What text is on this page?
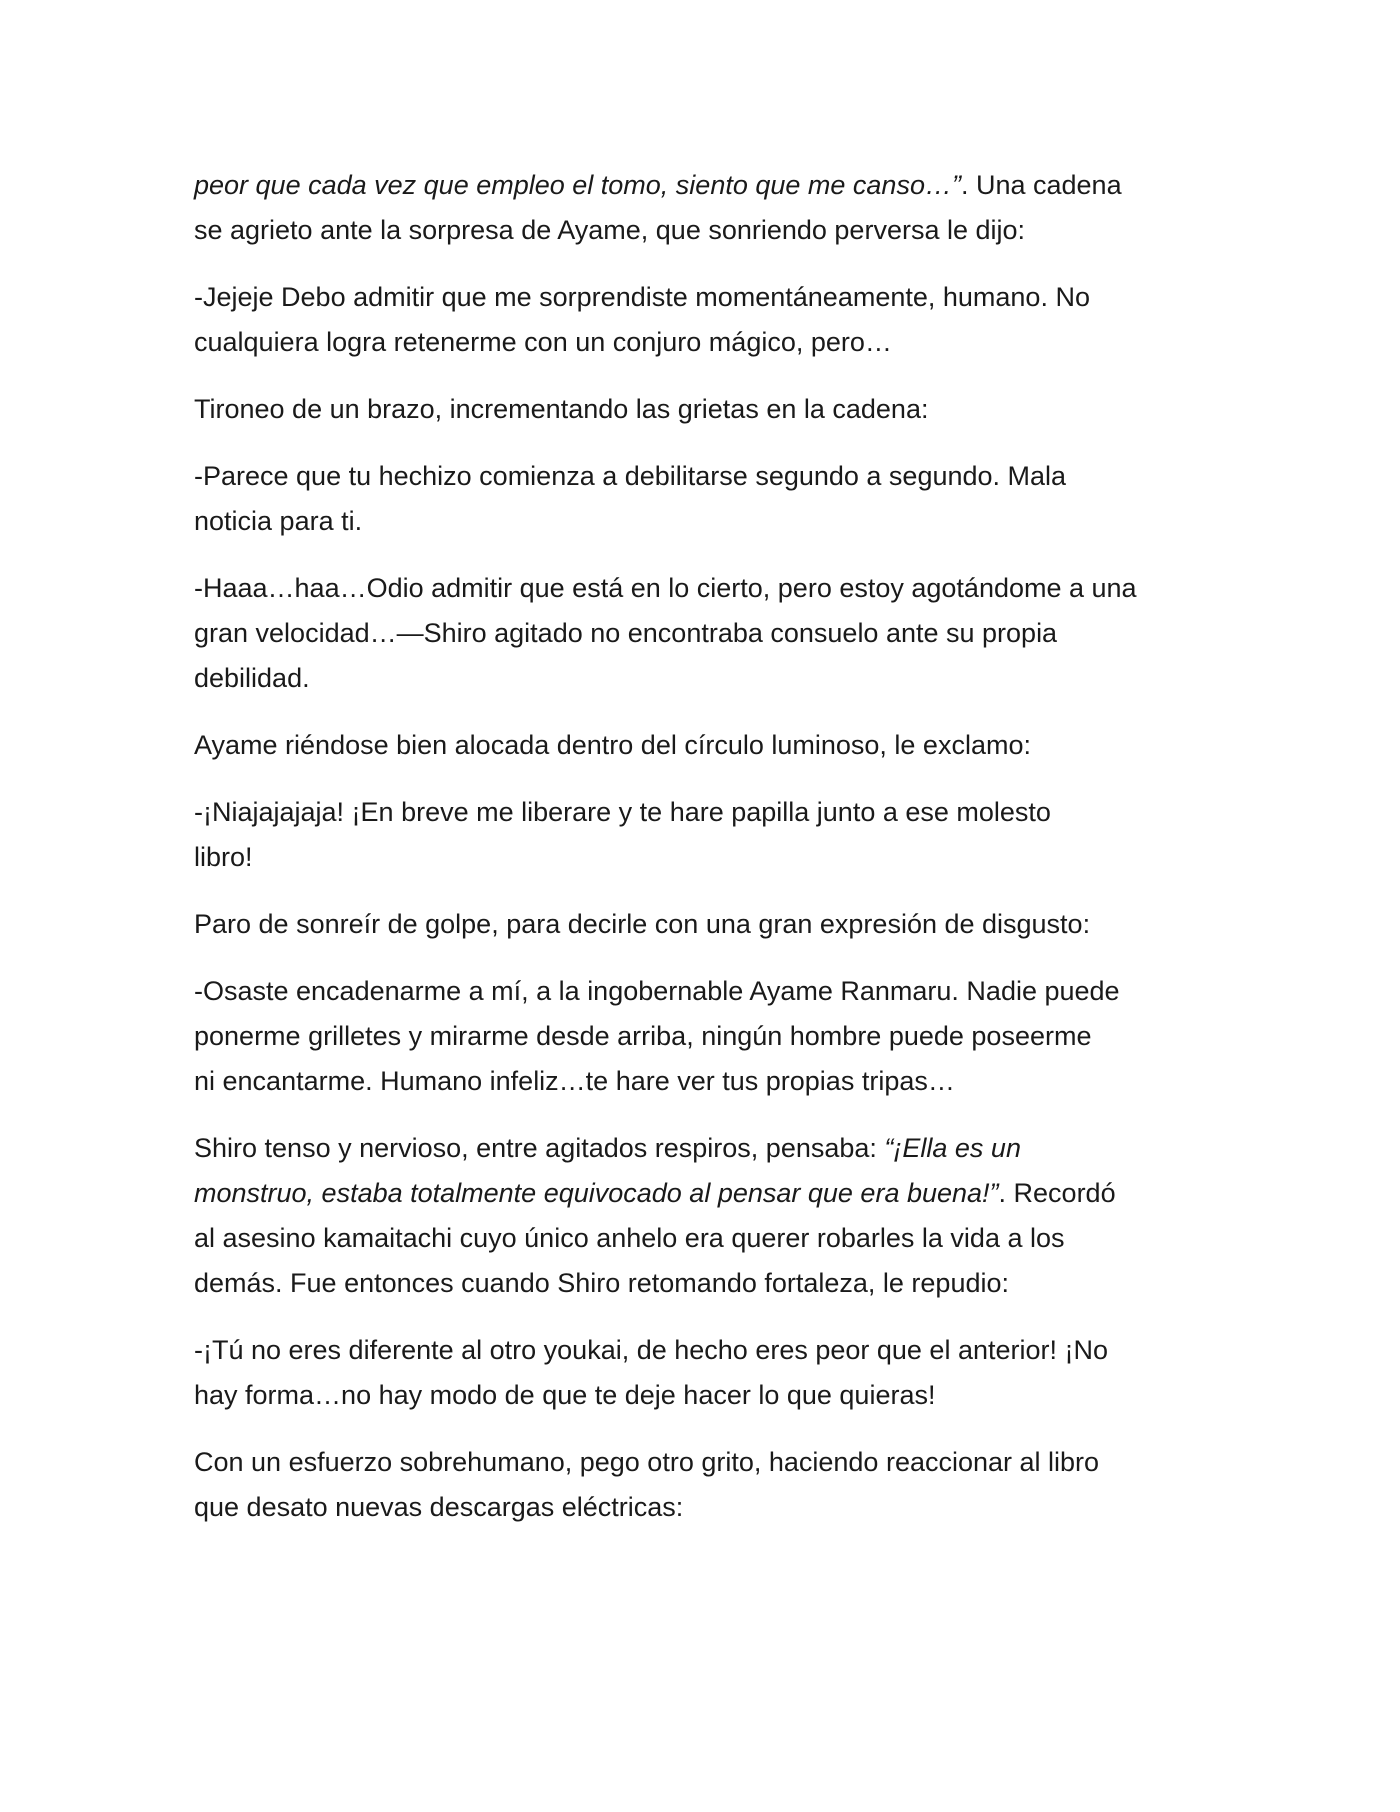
peor que cada vez que empleo el tomo, siento que me canso…”. Una cadena
se agrieto ante la sorpresa de Ayame, que sonriendo perversa le dijo:
-Jejeje Debo admitir que me sorprendiste momentáneamente, humano. No
cualquiera logra retenerme con un conjuro mágico, pero…
Tironeo de un brazo, incrementando las grietas en la cadena:
-Parece que tu hechizo comienza a debilitarse segundo a segundo. Mala
noticia para ti.
-Haaa…haa…Odio admitir que está en lo cierto, pero estoy agotándome a una
gran velocidad…—Shiro agitado no encontraba consuelo ante su propia
debilidad.
Ayame riéndose bien alocada dentro del círculo luminoso, le exclamo:
-¡Niajajajaja! ¡En breve me liberare y te hare papilla junto a ese molesto
libro!
Paro de sonreír de golpe, para decirle con una gran expresión de disgusto:
-Osaste encadenarme a mí, a la ingobernable Ayame Ranmaru. Nadie puede
ponerme grilletes y mirarme desde arriba, ningún hombre puede poseerme
ni encantarme. Humano infeliz…te hare ver tus propias tripas…
Shiro tenso y nervioso, entre agitados respiros, pensaba: “¡Ella es un
monstruo, estaba totalmente equivocado al pensar que era buena!”. Recordó
al asesino kamaitachi cuyo único anhelo era querer robarles la vida a los
demás. Fue entonces cuando Shiro retomando fortaleza, le repudio:
-¡Tú no eres diferente al otro youkai, de hecho eres peor que el anterior! ¡No
hay forma…no hay modo de que te deje hacer lo que quieras!
Con un esfuerzo sobrehumano, pego otro grito, haciendo reaccionar al libro
que desato nuevas descargas eléctricas:
